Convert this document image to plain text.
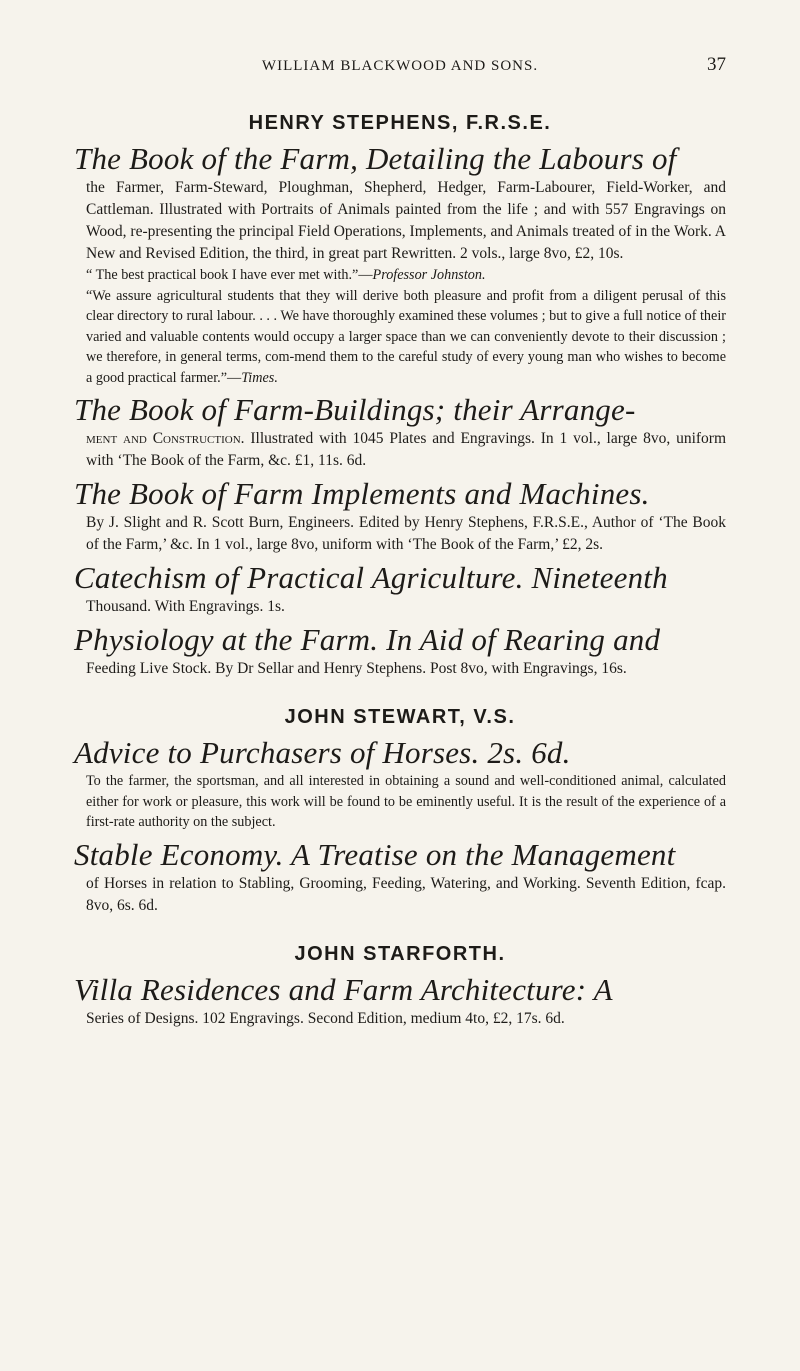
WILLIAM BLACKWOOD AND SONS.	37
HENRY STEPHENS, F.R.S.E.
The Book of the Farm, Detailing the Labours of
the Farmer, Farm-Steward, Ploughman, Shepherd, Hedger, Farm-Labourer, Field-Worker, and Cattleman. Illustrated with Portraits of Animals painted from the life ; and with 557 Engravings on Wood, re-presenting the principal Field Operations, Implements, and Animals treated of in the Work. A New and Revised Edition, the third, in great part Rewritten. 2 vols., large 8vo, £2, 10s.
“ The best practical book I have ever met with.”—Professor Johnston.
“We assure agricultural students that they will derive both pleasure and profit from a diligent perusal of this clear directory to rural labour. . . . We have thoroughly examined these volumes ; but to give a full notice of their varied and valuable contents would occupy a larger space than we can conveniently devote to their discussion ; we therefore, in general terms, com-mend them to the careful study of every young man who wishes to become a good practical farmer.”—Times.
The Book of Farm-Buildings; their Arrange-
ment and Construction. Illustrated with 1045 Plates and Engravings. In 1 vol., large 8vo, uniform with ‘The Book of the Farm, &c. £1, 11s. 6d.
The Book of Farm Implements and Machines.
By J. Slight and R. Scott Burn, Engineers. Edited by Henry Stephens, F.R.S.E., Author of ‘The Book of the Farm,’ &c. In 1 vol., large 8vo, uniform with ‘The Book of the Farm,’ £2, 2s.
Catechism of Practical Agriculture. Nineteenth
Thousand. With Engravings. 1s.
Physiology at the Farm. In Aid of Rearing and
Feeding Live Stock. By Dr Sellar and Henry Stephens. Post 8vo, with Engravings, 16s.
JOHN STEWART, V.S.
Advice to Purchasers of Horses. 2s. 6d.
To the farmer, the sportsman, and all interested in obtaining a sound and well-conditioned animal, calculated either for work or pleasure, this work will be found to be eminently useful. It is the result of the experience of a first-rate authority on the subject.
Stable Economy. A Treatise on the Management
of Horses in relation to Stabling, Grooming, Feeding, Watering, and Working. Seventh Edition, fcap. 8vo, 6s. 6d.
JOHN STARFORTH.
Villa Residences and Farm Architecture: A
Series of Designs. 102 Engravings. Second Edition, medium 4to, £2, 17s. 6d.
